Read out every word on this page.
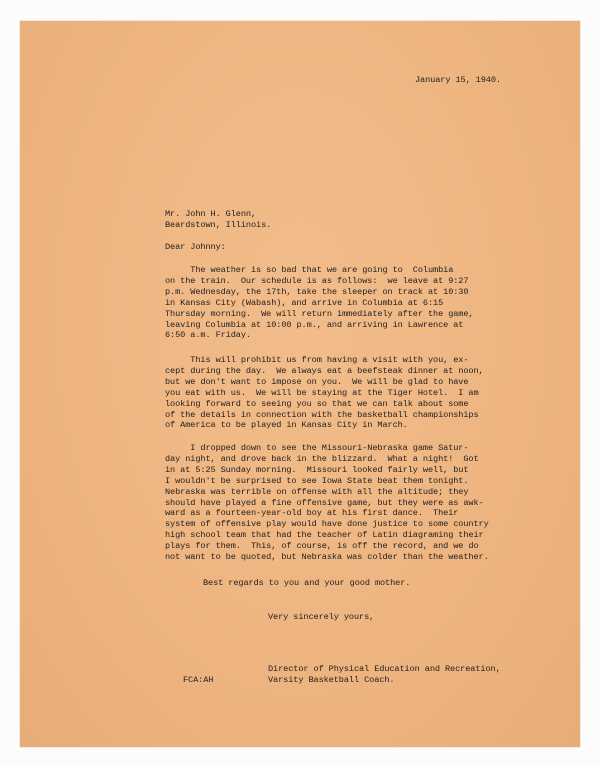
January 15, 1940.

Mr. John H. Glenn,
Beardstown, Illinois.

Dear Johnny:

The weather is so bad that we are going to  Columbia
on the train.  Our schedule is as follows:  we leave at 9:27
p.m. Wednesday, the 17th, take the sleeper on track at 10:30
in Kansas City (Wabash), and arrive in Columbia at 6:15
Thursday morning.  We will return immediately after the game,
leaving Columbia at 10:00 p.m., and arriving in Lawrence at
6:50 a.m. Friday.
This will prohibit us from having a visit with you, ex-
cept during the day.  We always eat a beefsteak dinner at noon,
but we don't want to impose on you.  We will be glad to have
you eat with us.  We will be staying at the Tiger Hotel.  I am
looking forward to seeing you so that we can talk about some
of the details in connection with the basketball championships
of America to be played in Kansas City in March.
I dropped down to see the Missouri-Nebraska game Satur-
day night, and drove back in the blizzard.  What a night!  Got
in at 5:25 Sunday morning.  Missouri looked fairly well, but
I wouldn't be surprised to see Iowa State beat them tonight.
Nebraska was terrible on offense with all the altitude; they
should have played a fine offensive game, but they were as awk-
ward as a fourteen-year-old boy at his first dance.  Their
system of offensive play would have done justice to some country
high school team that had the teacher of Latin diagraming their
plays for them.  This, of course, is off the record, and we do
not want to be quoted, but Nebraska was colder than the weather.

Best regards to you and your good mother.

Very sincerely yours,

Director of Physical Education and Recreation,
Varsity Basketball Coach.

FCA:AH
